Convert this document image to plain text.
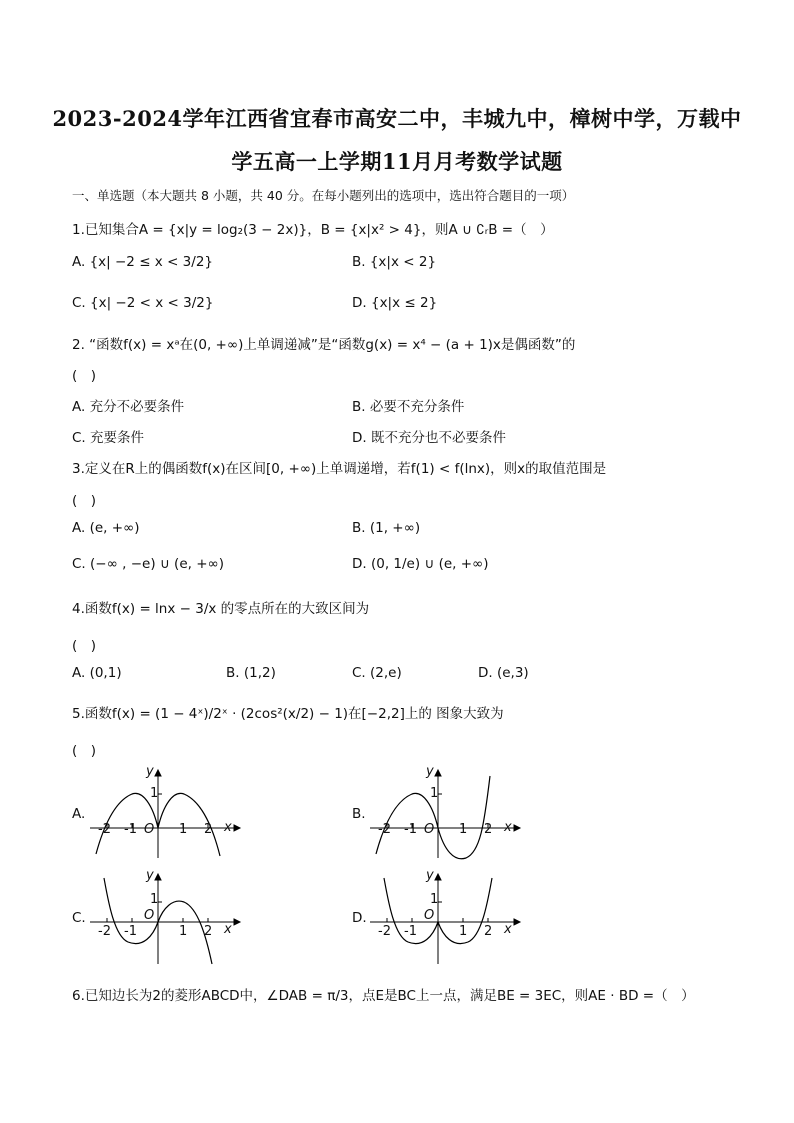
2023-2024学年江西省宜春市高安二中，丰城九中，樟树中学，万载中
学五高一上学期11月月考数学试题
一、单选题（本大题共 8 小题，共 40 分。在每小题列出的选项中，选出符合题目的一项）
1.已知集合A = {x|y = log₂(3 − 2x)}，B = {x|x² > 4}，则A ∪ ∁ᵣB =（　）
A. {x| −2 ≤ x < 3/2}	B. {x|x < 2}
C. {x| −2 < x < 3/2}	D. {x|x ≤ 2}
2. “函数f(x) = xᵃ在(0, +∞)上单调递减”是“函数g(x) = x⁴ − (a + 1)x是偶函数”的
(　)
A. 充分不必要条件	B. 必要不充分条件
C. 充要条件	D. 既不充分也不必要条件
3.定义在R上的偶函数f(x)在区间[0, +∞)上单调递增，若f(1) < f(lnx)，则x的取值范围是
(　)
A. (e, +∞)	B. (1, +∞)
C. (−∞ , −e) ∪ (e, +∞)	D. (0, 1/e) ∪ (e, +∞)
4.函数f(x) = lnx − 3/x 的零点所在的大致区间为
(　)
A. (0,1)	B. (1,2)	C. (2,e)	D. (e,3)
5.函数f(x) = (1 − 4ˣ)/2ˣ · (2cos²(x/2) − 1)在[−2,2]上的 图象大致为
(　)
A.	B.
C.	D.
y
1
x
O
-2 -1	1 2
y
1
x
O
-2 -1	1 2
y
1
O
x
-2 -1	1 2
y
1
O
x
-2 -1	1 2
6.已知边长为2的菱形ABCD中，∠DAB = π/3，点E是BC上一点，满足BE = 3EC，则AE · BD =（　）
